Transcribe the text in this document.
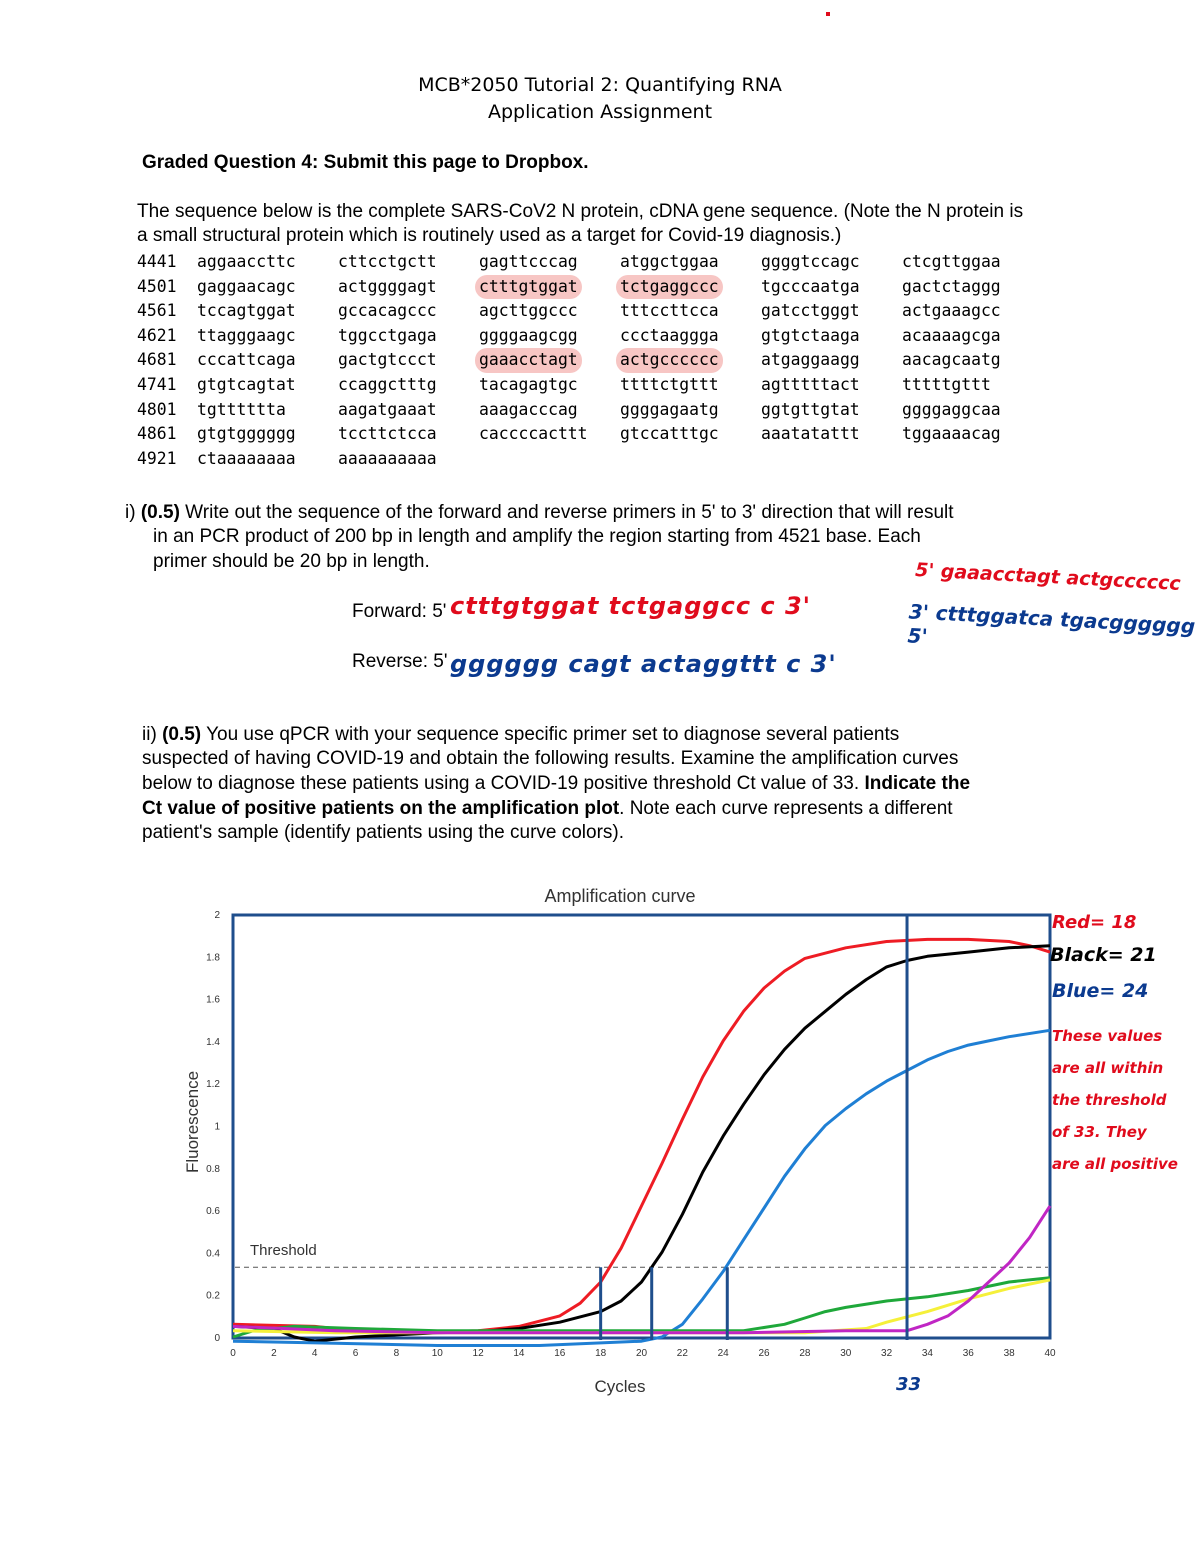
MCB*2050 Tutorial 2: Quantifying RNA
Application Assignment
Graded Question 4: Submit this page to Dropbox.
The sequence below is the complete SARS-CoV2 N protein, cDNA gene sequence. (Note the N protein is
a small structural protein which is routinely used as a target for Covid-19 diagnosis.)
4441 aggaaccttc	cttcctgctt	gagttcccag	atggctggaa	ggggtccagc	ctcgttggaa
4501 gaggaacagc	actggggagt	ctttgtggat	tctgaggccc	tgcccaatga	gactctaggg
4561 tccagtggat	gccacagccc	agcttggccc	tttccttcca	gatcctgggt	actgaaagcc
4621 ttagggaagc	tggcctgaga	ggggaagcgg	ccctaaggga	gtgtctaaga	acaaaagcga
4681 cccattcaga	gactgtccct	gaaacctagt	actgcccccc	atgaggaagg	aacagcaatg
4741 gtgtcagtat	ccaggctttg	tacagagtgc	ttttctgttt	agtttttact	tttttgttt
4801 tgtttttta	aagatgaaat	aaagacccag	ggggagaatg	ggtgttgtat	ggggaggcaa
4861 gtgtgggggg	tccttctcca	caccccacttt gtccatttgc	aaatatattt	tggaaaacag
4921 ctaaaaaaaa	aaaaaaaaaa
i) (0.5) Write out the sequence of the forward and reverse primers in 5' to 3' direction that will result
in an PCR product of 200 bp in length and amplify the region starting from 4521 base. Each
primer should be 20 bp in length.
Forward: 5' ctttgtggat tctgaggcc c 3'
Reverse: 5' gggggg cagt actaggttt c 3'
5' gaaacctagt actgcccccc
3' ctttggatca tgacgggggg 5'
ii) (0.5) You use qPCR with your sequence specific primer set to diagnose several patients
suspected of having COVID-19 and obtain the following results. Examine the amplification curves
below to diagnose these patients using a COVID-19 positive threshold Ct value of 33. Indicate the
Ct value of positive patients on the amplification plot. Note each curve represents a different
patient's sample (identify patients using the curve colors).
Amplification curve
0
0.2
0.4
0.6
0.8
1
1.2
1.4
1.6
1.8
2
0	2	4	6	8	10	12	14	16	18	20	22	24	26	28	30	32	34	36	38	40
Cycles
Fluorescence
Threshold
Red= 18
Black= 21
Blue= 24
These values
are all within
the threshold
of 33. They
are all positive
33
